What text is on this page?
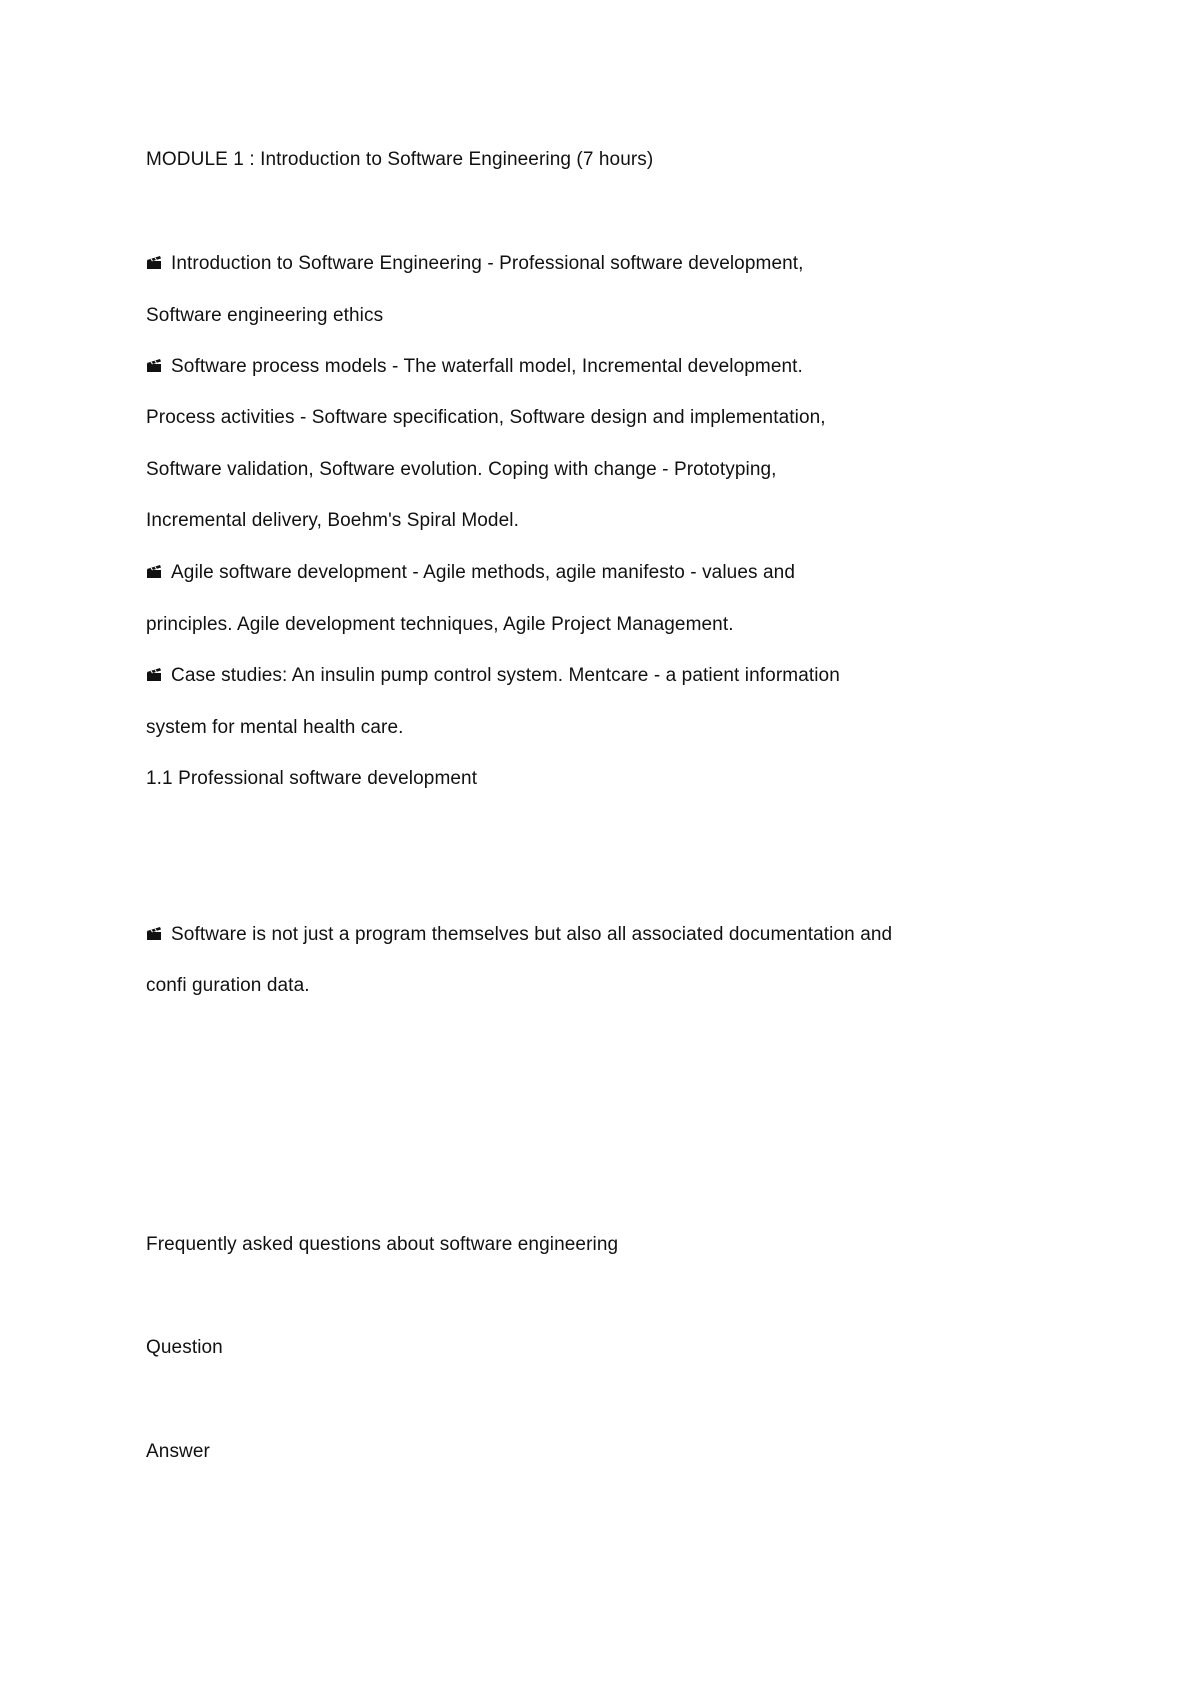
MODULE 1 : Introduction to Software Engineering (7 hours)
Introduction to Software Engineering - Professional software development,
Software engineering ethics
Software process models - The waterfall model, Incremental development.
Process activities - Software specification, Software design and implementation,
Software validation, Software evolution. Coping with change - Prototyping,
Incremental delivery, Boehm's Spiral Model.
Agile software development - Agile methods, agile manifesto - values and
principles. Agile development techniques, Agile Project Management.
Case studies: An insulin pump control system. Mentcare - a patient information
system for mental health care.
1.1 Professional software development
Software is not just a program themselves but also all associated documentation and
confi guration data.
Frequently asked questions about software engineering
Question
Answer
